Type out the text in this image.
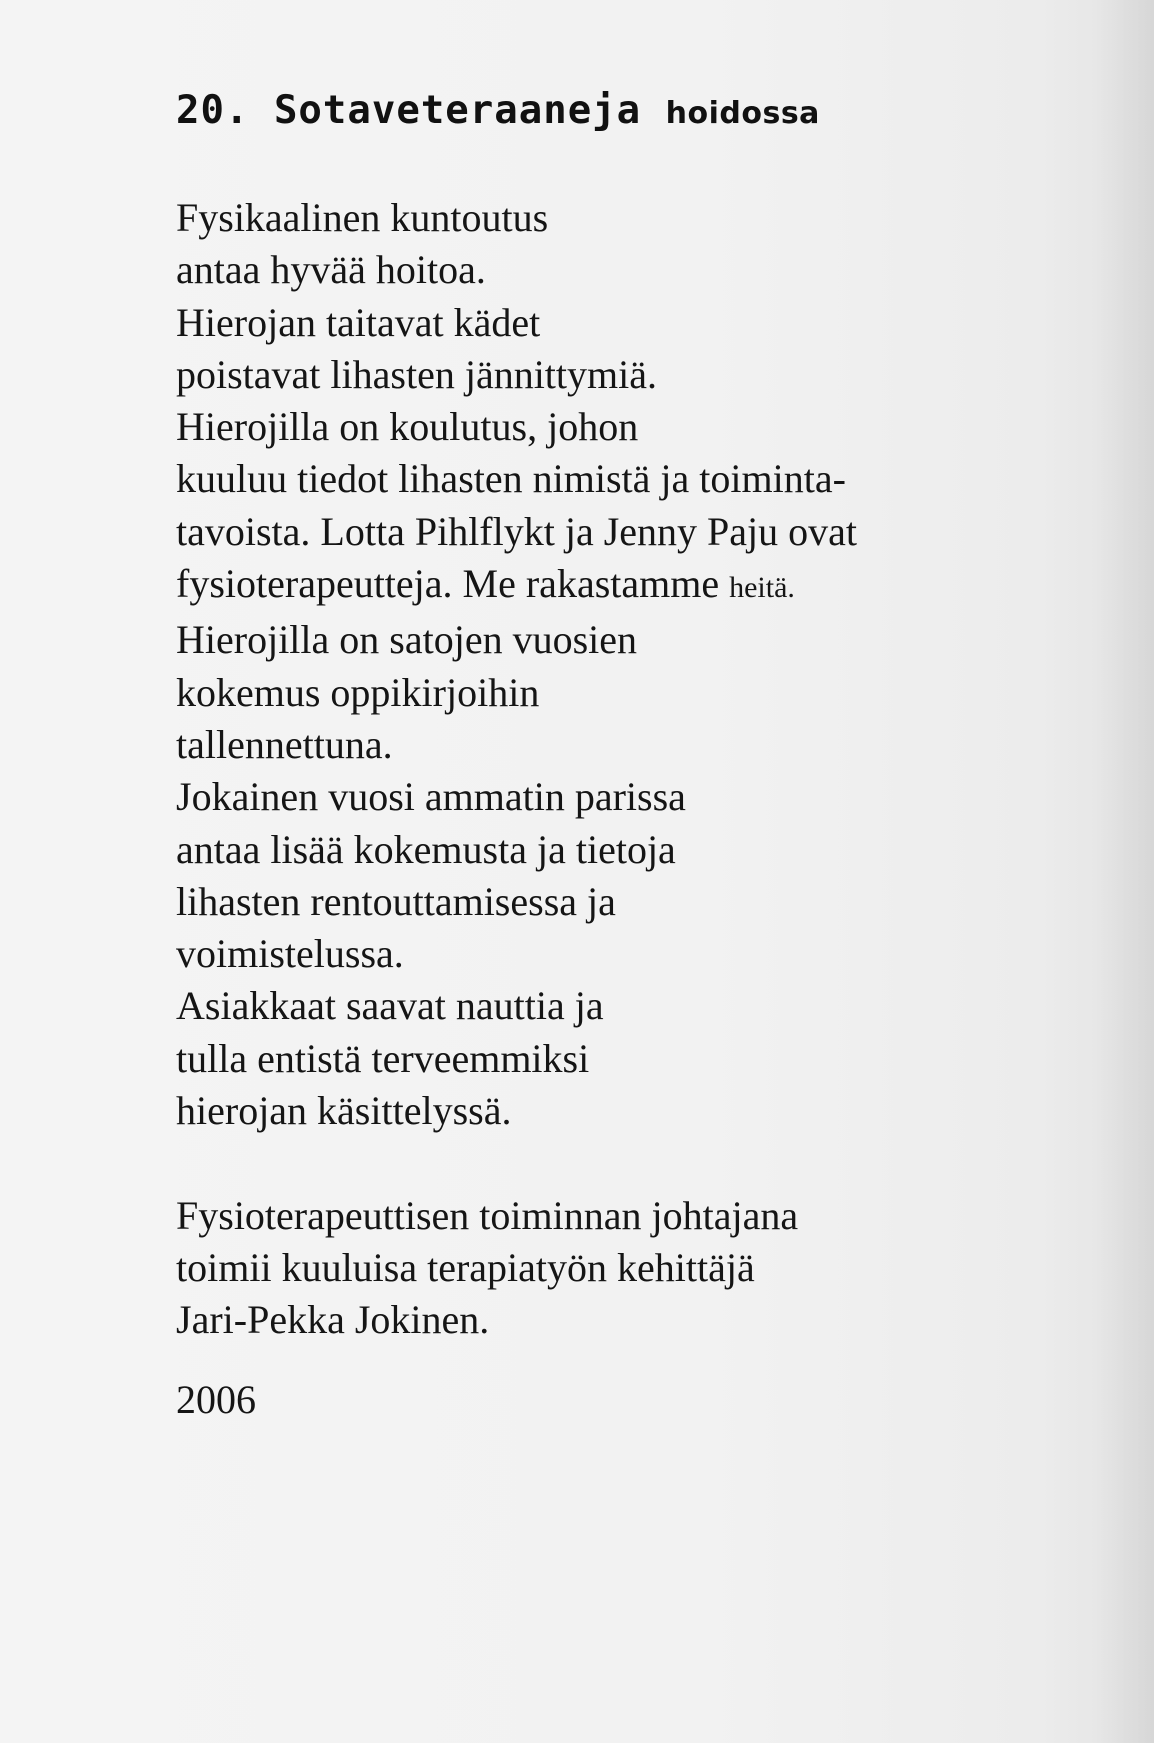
20. Sotaveteraaneja hoidossa
Fysikaalinen kuntoutus
antaa hyvää hoitoa.
Hierojan taitavat kädet
poistavat lihasten jännittymiä.
Hierojilla on koulutus, johon
kuuluu tiedot lihasten nimistä ja toiminta-
tavoista. Lotta Pihlflykt ja Jenny Paju ovat
fysioterapeutteja. Me rakastamme heitä.
Hierojilla on satojen vuosien
kokemus oppikirjoihin
tallennettuna.
Jokainen vuosi ammatin parissa
antaa lisää kokemusta ja tietoja
lihasten rentouttamisessa ja
voimistelussa.
Asiakkaat saavat nauttia ja
tulla entistä terveemmiksi
hierojan käsittelyssä.
Fysioterapeuttisen toiminnan johtajana
toimii kuuluisa terapiatyön kehittäjä
Jari-Pekka Jokinen.
2006
